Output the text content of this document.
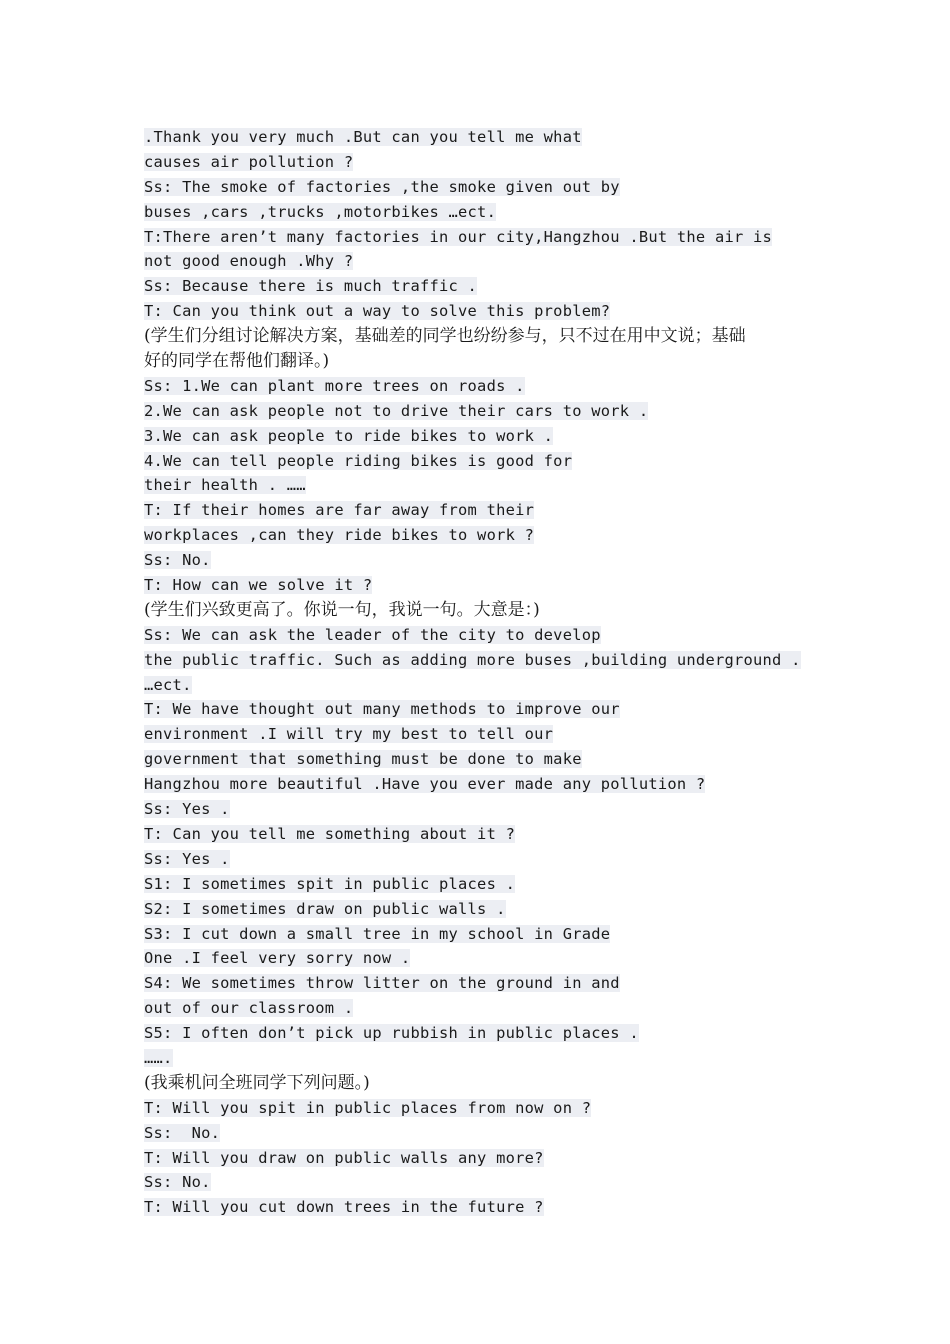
.Thank you very much .But can you tell me what
causes air pollution ?
Ss: The smoke of factories ,the smoke given out by
buses ,cars ,trucks ,motorbikes …ect.
T:There aren’t many factories in our city,Hangzhou .But the air is
not good enough .Why ?
Ss: Because there is much traffic .
T: Can you think out a way to solve this problem?
(学生们分组讨论解决方案，基础差的同学也纷纷参与，只不过在用中文说；基础
好的同学在帮他们翻译。)
Ss: 1.We can plant more trees on roads .
2.We can ask people not to drive their cars to work .
3.We can ask people to ride bikes to work .
4.We can tell people riding bikes is good for
their health . ……
T: If their homes are far away from their
workplaces ,can they ride bikes to work ?
Ss: No.
T: How can we solve it ?
(学生们兴致更高了。你说一句，我说一句。大意是：)
Ss: We can ask the leader of the city to develop
the public traffic. Such as adding more buses ,building underground .
…ect.
T: We have thought out many methods to improve our
environment .I will try my best to tell our
government that something must be done to make
Hangzhou more beautiful .Have you ever made any pollution ?
Ss: Yes .
T: Can you tell me something about it ?
Ss: Yes .
S1: I sometimes spit in public places .
S2: I sometimes draw on public walls .
S3: I cut down a small tree in my school in Grade
One .I feel very sorry now .
S4: We sometimes throw litter on the ground in and
out of our classroom .
S5: I often don’t pick up rubbish in public places .
…….
(我乘机问全班同学下列问题。)
T: Will you spit in public places from now on ?
Ss:  No.
T: Will you draw on public walls any more?
Ss: No.
T: Will you cut down trees in the future ?
